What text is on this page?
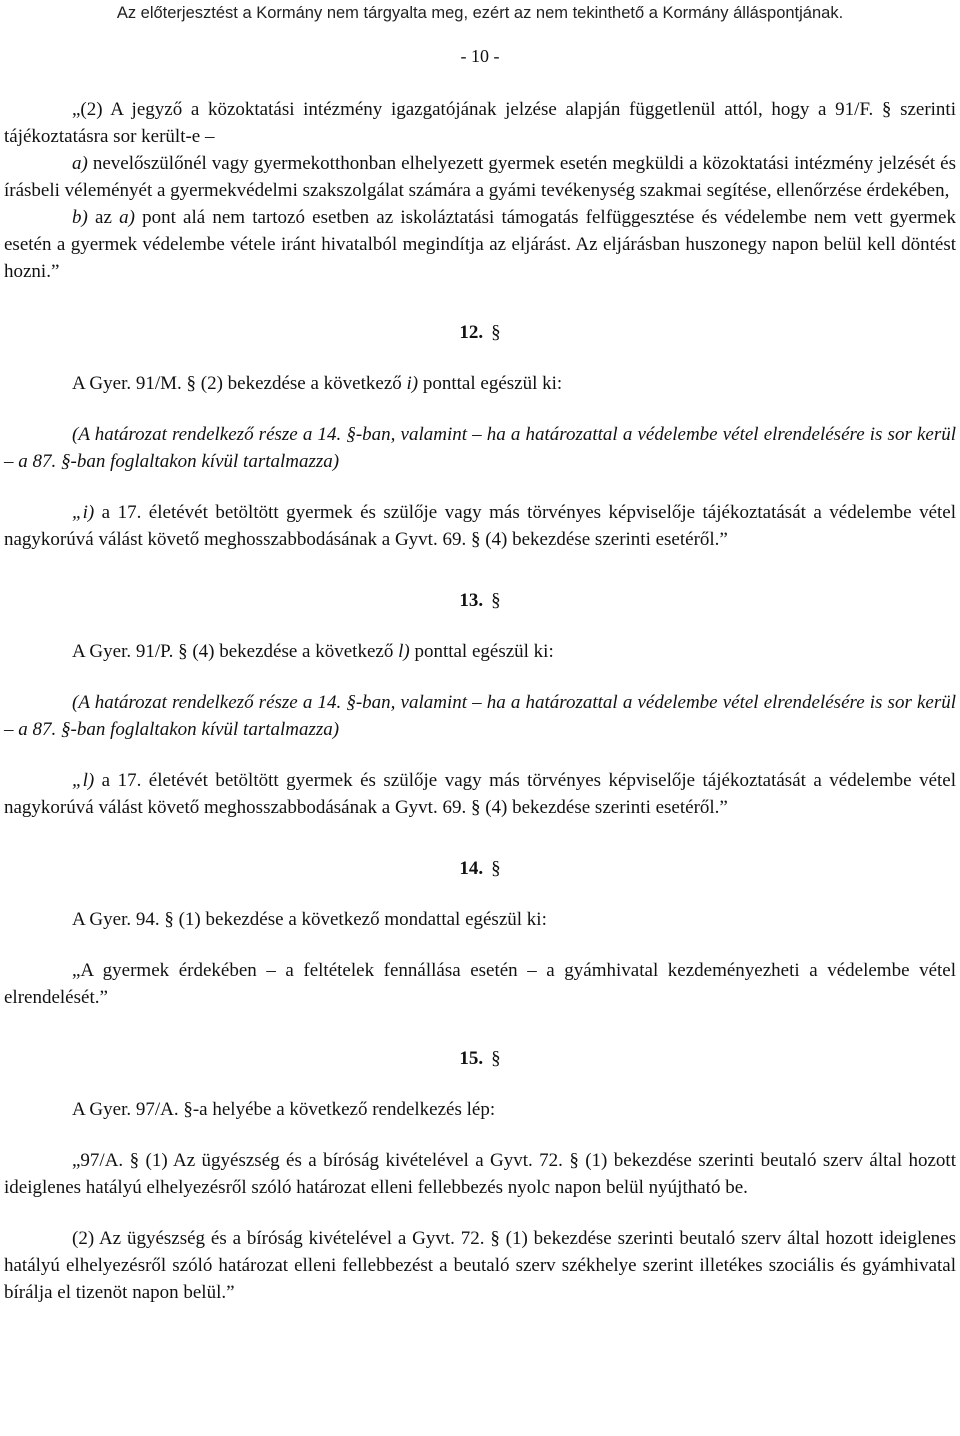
Az előterjesztést a Kormány nem tárgyalta meg, ezért az nem tekinthető a Kormány álláspontjának.
- 10 -

„(2) A jegyző a közoktatási intézmény igazgatójának jelzése alapján függetlenül attól, hogy a 91/F. § szerinti tájékoztatásra sor került-e –

a) nevelőszülőnél vagy gyermekotthonban elhelyezett gyermek esetén megküldi a közoktatási intézmény jelzését és írásbeli véleményét a gyermekvédelmi szakszolgálat számára a gyámi tevékenység szakmai segítése, ellenőrzése érdekében,

b) az a) pont alá nem tartozó esetben az iskoláztatási támogatás felfüggesztése és védelembe nem vett gyermek esetén a gyermek védelembe vétele iránt hivatalból megindítja az eljárást. Az eljárásban huszonegy napon belül kell döntést hozni.”

12. §

A Gyer. 91/M. § (2) bekezdése a következő i) ponttal egészül ki:

(A határozat rendelkező része a 14. §-ban, valamint – ha a határozattal a védelembe vétel elrendelésére is sor kerül – a 87. §-ban foglaltakon kívül tartalmazza)

„i) a 17. életévét betöltött gyermek és szülője vagy más törvényes képviselője tájékoztatását a védelembe vétel nagykorúvá válást követő meghosszabbodásának a Gyvt. 69. § (4) bekezdése szerinti esetéről.”

13. §

A Gyer. 91/P. § (4) bekezdése a következő l) ponttal egészül ki:

(A határozat rendelkező része a 14. §-ban, valamint – ha a határozattal a védelembe vétel elrendelésére is sor kerül – a 87. §-ban foglaltakon kívül tartalmazza)

„l) a 17. életévét betöltött gyermek és szülője vagy más törvényes képviselője tájékoztatását a védelembe vétel nagykorúvá válást követő meghosszabbodásának a Gyvt. 69. § (4) bekezdése szerinti esetéről.”

14. §

A Gyer. 94. § (1) bekezdése a következő mondattal egészül ki:

„A gyermek érdekében – a feltételek fennállása esetén – a gyámhivatal kezdeményezheti a védelembe vétel elrendelését.”

15. §

A Gyer. 97/A. §-a helyébe a következő rendelkezés lép:

„97/A. § (1) Az ügyészség és a bíróság kivételével a Gyvt. 72. § (1) bekezdése szerinti beutaló szerv által hozott ideiglenes hatályú elhelyezésről szóló határozat elleni fellebbezés nyolc napon belül nyújtható be.

(2) Az ügyészség és a bíróság kivételével a Gyvt. 72. § (1) bekezdése szerinti beutaló szerv által hozott ideiglenes hatályú elhelyezésről szóló határozat elleni fellebbezést a beutaló szerv székhelye szerint illetékes szociális és gyámhivatal bírálja el tizenöt napon belül.”
